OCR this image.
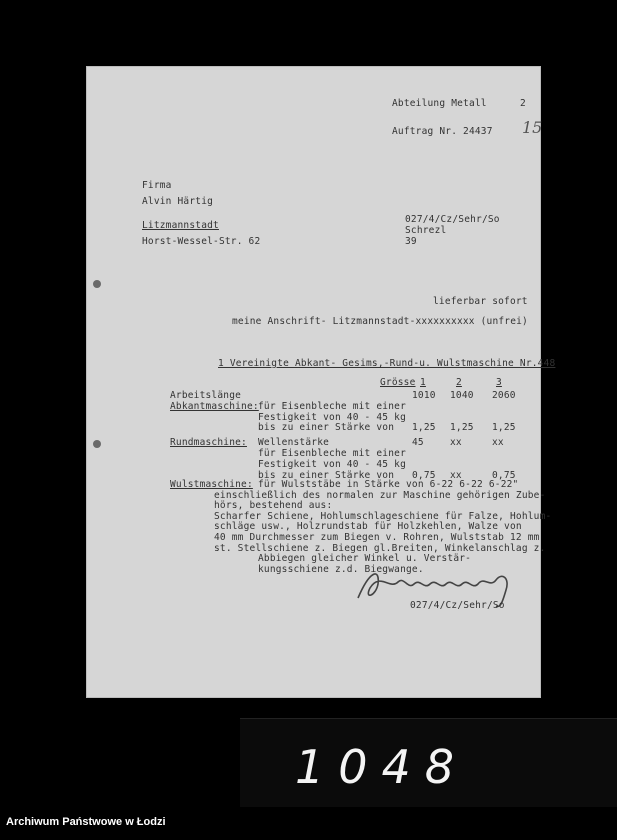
Abteilung Metall	2
Auftrag Nr. 24437 15
Firma
Alvin Härtig
Litzmannstadt
Horst-Wessel-Str. 62
027/4/Cz/Sehr/So
Schrezl
39
lieferbar sofort
meine Anschrift- Litzmannstadt-xxxxxxxxxx (unfrei)
1 Vereinigte Abkant- Gesims,-Rund-u. Wulstmaschine Nr.448
Grösse 1	2	3
Arbeitslänge	1010 1040 2060
Abkantmaschine: für Eisenbleche mit einer
Festigkeit von 40 - 45 kg
bis zu einer Stärke von 1,25 1,25 1,25
Rundmaschine: Wellenstärke	45	xx	xx
für Eisenbleche mit einer
Festigkeit von 40 - 45 kg
bis zu einer Stärke von 0,75 xx	0,75
Wulstmaschine: für Wulststäbe in Stärke von 6-22 6-22 6-22"
einschließlich des normalen zur Maschine gehörigen Zube-
hörs, bestehend aus:
Scharfer Schiene, Hohlumschlageschiene für Falze, Hohlum-
schläge usw., Holzrundstab für Holzkehlen, Walze von
40 mm Durchmesser zum Biegen v. Rohren, Wulststab 12 mm
st. Stellschiene z. Biegen gl.Breiten, Winkelanschlag z.
Abbiegen gleicher Winkel u. Verstär-
kungsschiene z.d. Biegwange.
027/4/Cz/Sehr/So
1048
Archiwum Państwowe w Łodzi
